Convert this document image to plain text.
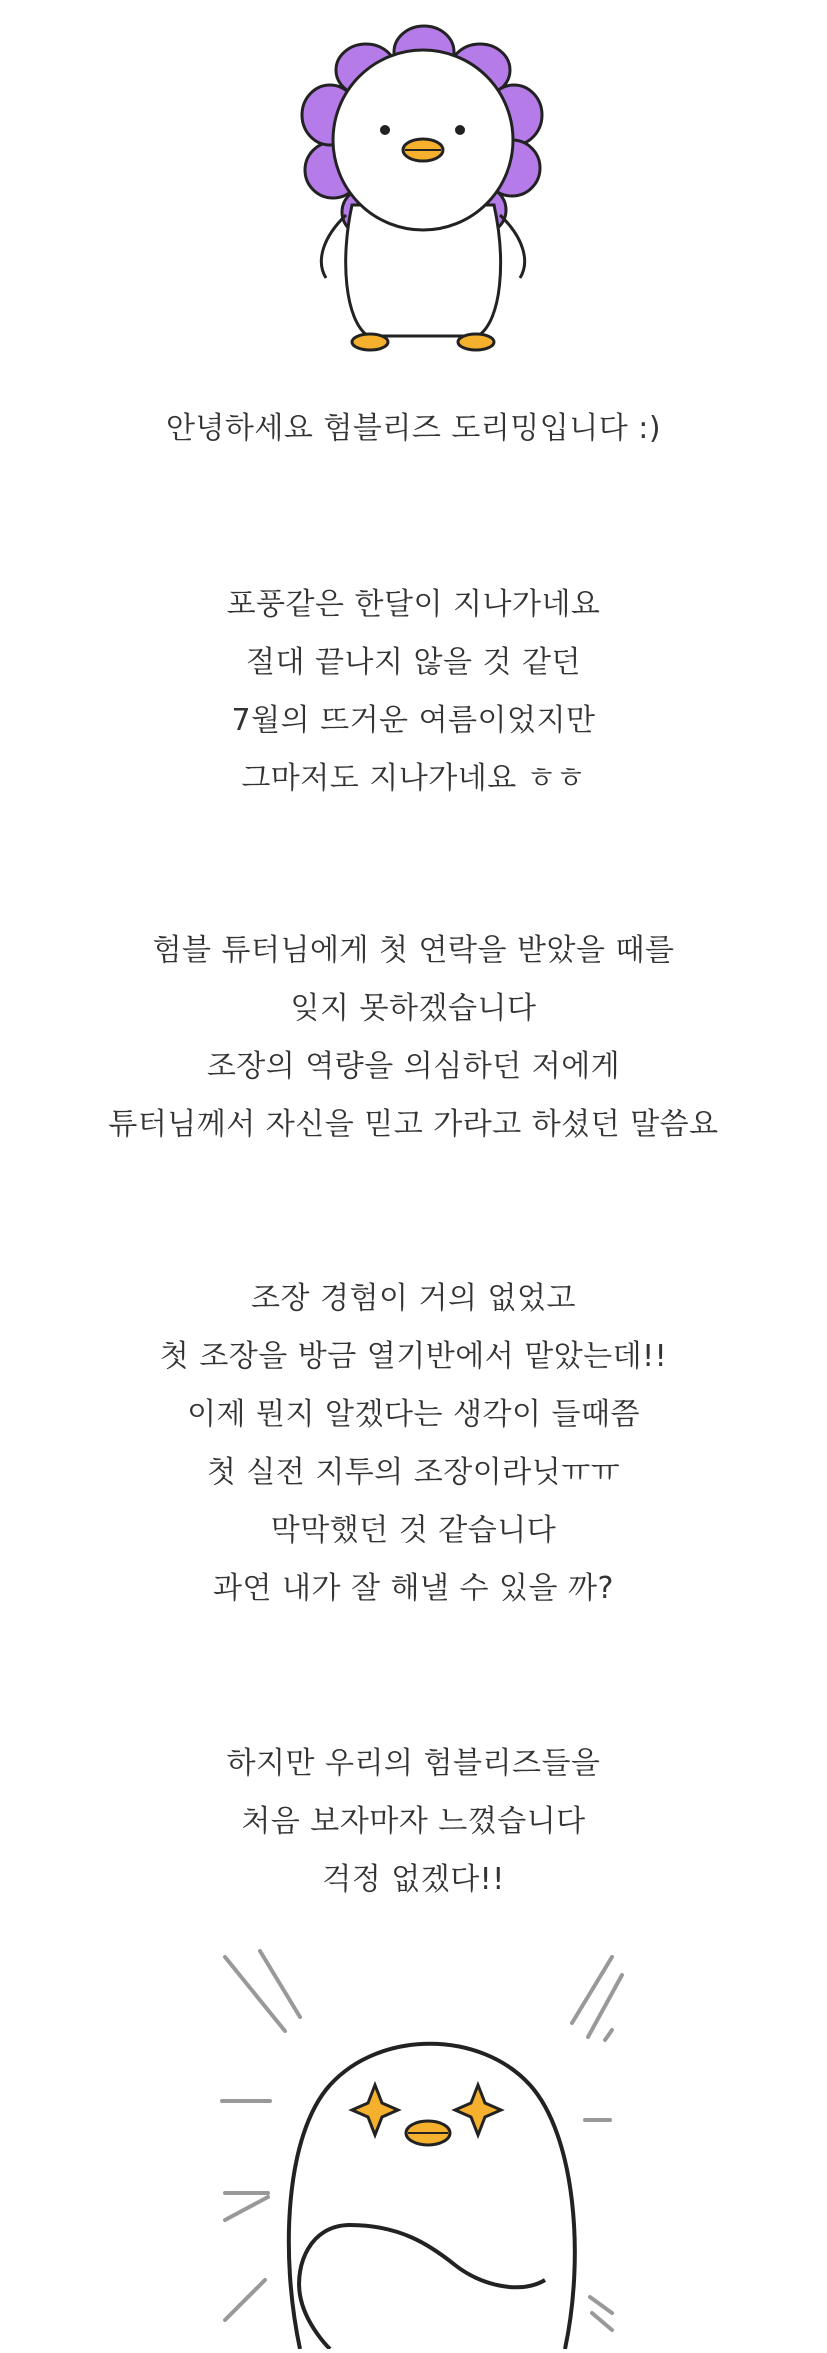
안녕하세요 험블리즈 도리밍입니다 :)
포풍같은 한달이 지나가네요
절대 끝나지 않을 것 같던
7월의 뜨거운 여름이었지만
그마저도 지나가네요 ㅎㅎ
험블 튜터님에게 첫 연락을 받았을 때를
잊지 못하겠습니다
조장의 역량을 의심하던 저에게
튜터님께서 자신을 믿고 가라고 하셨던 말씀요
조장 경험이 거의 없었고
첫 조장을 방금 열기반에서 맡았는데!!
이제 뭔지 알겠다는 생각이 들때쯤
첫 실전 지투의 조장이라닛ㅠㅠ
막막했던 것 같습니다
과연 내가 잘 해낼 수 있을 까?
하지만 우리의 험블리즈들을
처음 보자마자 느꼈습니다
걱정 없겠다!!
